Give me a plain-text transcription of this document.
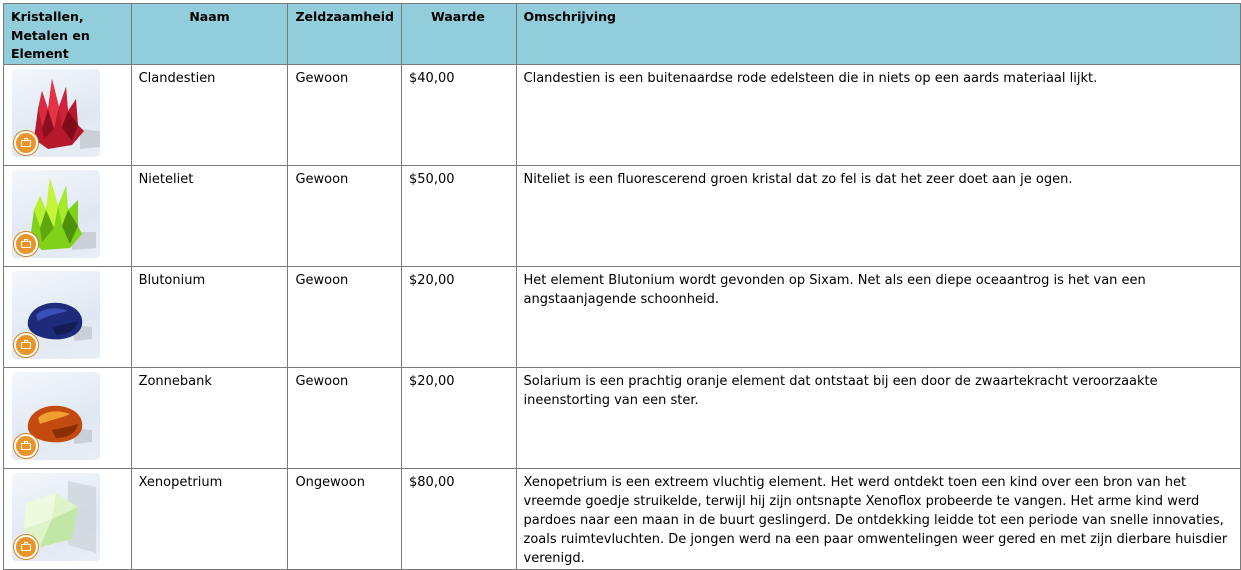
Kristallen, Metalen en Element	Naam	Zeldzaamheid	Waarde	Omschrijving

	Clandestien	Gewoon	$40,00	Clandestien is een buitenaardse rode edelsteen die in niets op een aards materiaal lijkt.

	Nieteliet	Gewoon	$50,00	Niteliet is een fluorescerend groen kristal dat zo fel is dat het zeer doet aan je ogen.

	Blutonium	Gewoon	$20,00	Het element Blutonium wordt gevonden op Sixam. Net als een diepe oceaantrog is het van een angstaanjagende schoonheid.

	Zonnebank	Gewoon	$20,00	Solarium is een prachtig oranje element dat ontstaat bij een door de zwaartekracht veroorzaakte ineenstorting van een ster.

	Xenopetrium	Ongewoon	$80,00	Xenopetrium is een extreem vluchtig element. Het werd ontdekt toen een kind over een bron van het vreemde goedje struikelde, terwijl hij zijn ontsnapte Xenoflox probeerde te vangen. Het arme kind werd pardoes naar een maan in de buurt geslingerd. De ontdekking leidde tot een periode van snelle innovaties, zoals ruimtevluchten. De jongen werd na een paar omwentelingen weer gered en met zijn dierbare huisdier verenigd.
